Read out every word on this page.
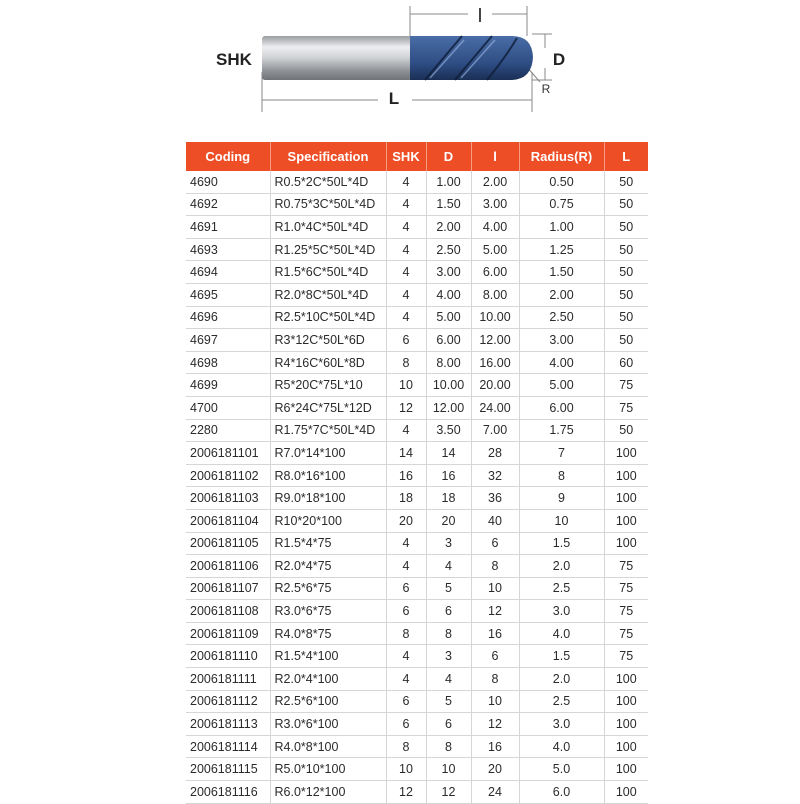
l
SHK	D
R
L
Coding	Specification	SHK	D	l	Radius(R)	L
4690	R0.5*2C*50L*4D	4	1.00	2.00	0.50	50
4692	R0.75*3C*50L*4D	4	1.50	3.00	0.75	50
4691	R1.0*4C*50L*4D	4	2.00	4.00	1.00	50
4693	R1.25*5C*50L*4D	4	2.50	5.00	1.25	50
4694	R1.5*6C*50L*4D	4	3.00	6.00	1.50	50
4695	R2.0*8C*50L*4D	4	4.00	8.00	2.00	50
4696	R2.5*10C*50L*4D	4	5.00	10.00	2.50	50
4697	R3*12C*50L*6D	6	6.00	12.00	3.00	50
4698	R4*16C*60L*8D	8	8.00	16.00	4.00	60
4699	R5*20C*75L*10	10	10.00	20.00	5.00	75
4700	R6*24C*75L*12D	12	12.00	24.00	6.00	75
2280	R1.75*7C*50L*4D	4	3.50	7.00	1.75	50
2006181101	R7.0*14*100	14	14	28	7	100
2006181102	R8.0*16*100	16	16	32	8	100
2006181103	R9.0*18*100	18	18	36	9	100
2006181104	R10*20*100	20	20	40	10	100
2006181105	R1.5*4*75	4	3	6	1.5	100
2006181106	R2.0*4*75	4	4	8	2.0	75
2006181107	R2.5*6*75	6	5	10	2.5	75
2006181108	R3.0*6*75	6	6	12	3.0	75
2006181109	R4.0*8*75	8	8	16	4.0	75
2006181110	R1.5*4*100	4	3	6	1.5	75
2006181111	R2.0*4*100	4	4	8	2.0	100
2006181112	R2.5*6*100	6	5	10	2.5	100
2006181113	R3.0*6*100	6	6	12	3.0	100
2006181114	R4.0*8*100	8	8	16	4.0	100
2006181115	R5.0*10*100	10	10	20	5.0	100
2006181116	R6.0*12*100	12	12	24	6.0	100
